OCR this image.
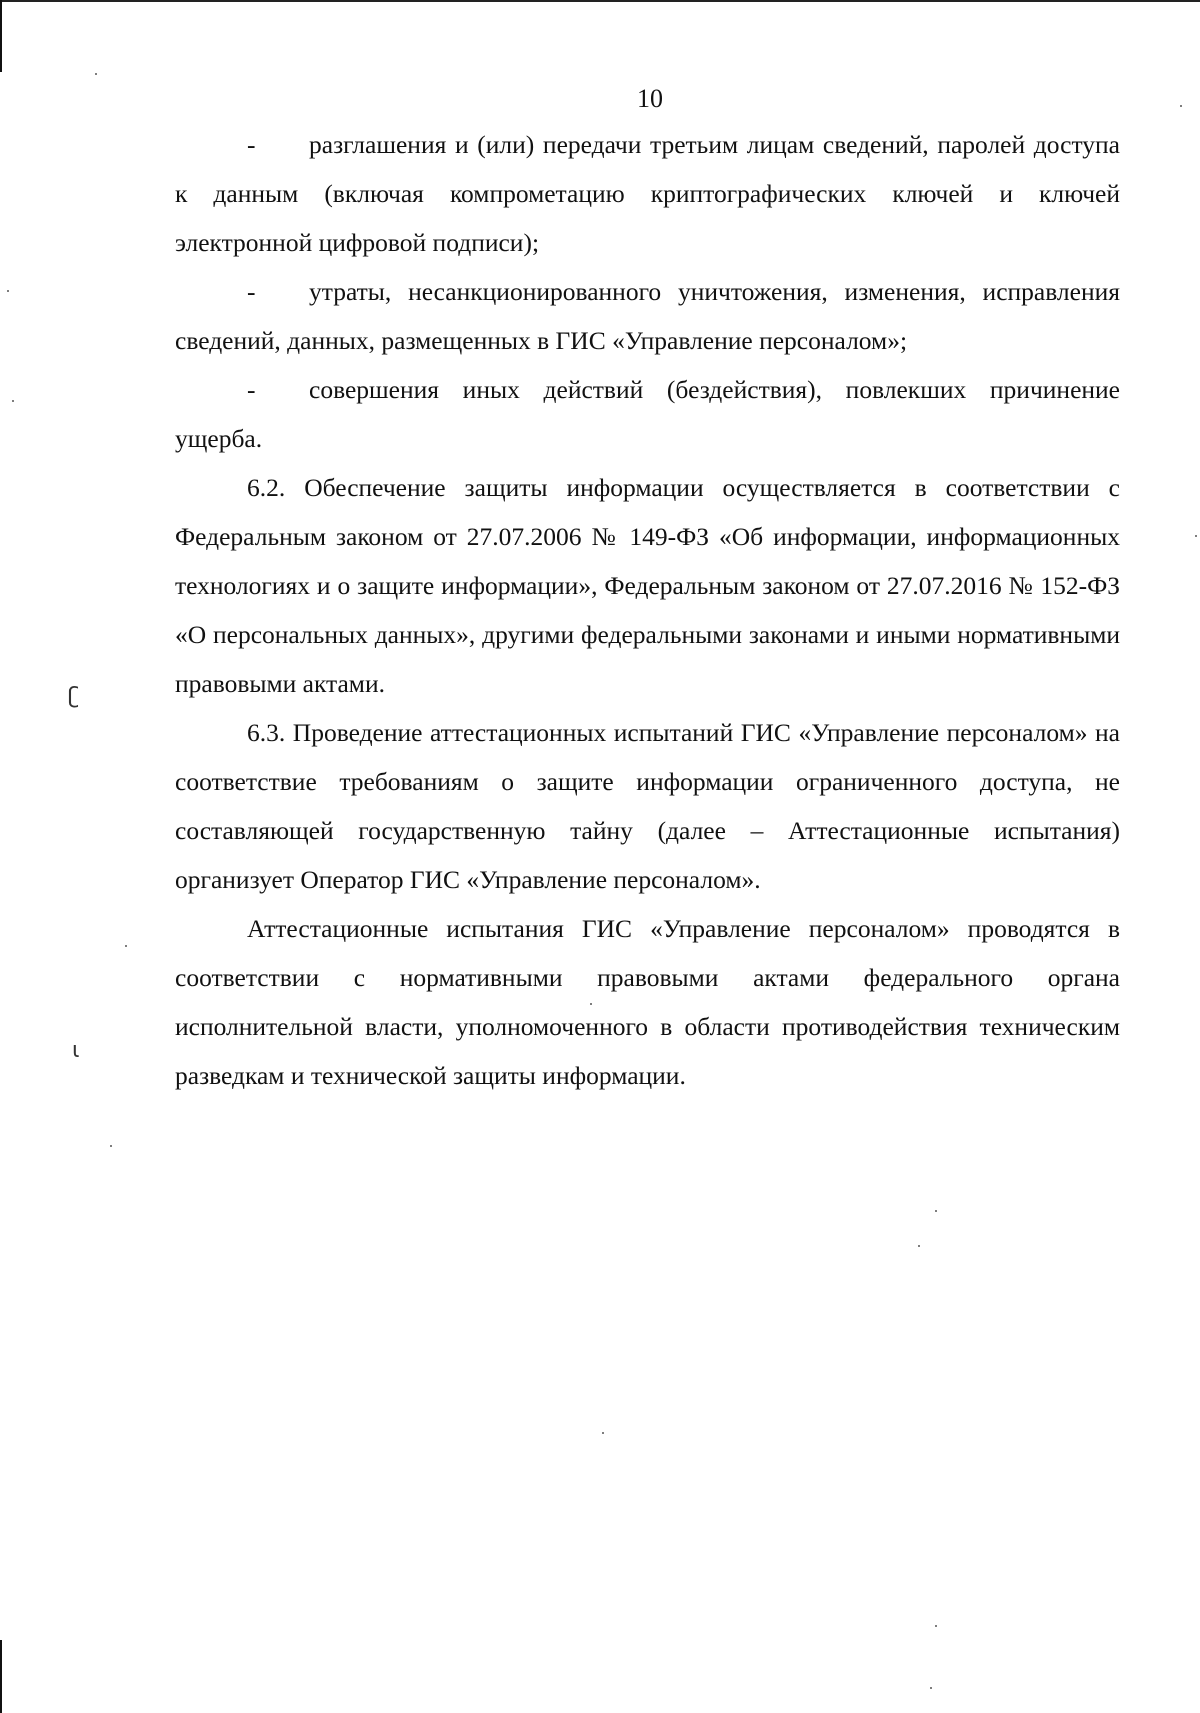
10

- разглашения и (или) передачи третьим лицам сведений, паролей доступа к данным (включая компрометацию криптографических ключей и ключей электронной цифровой подписи);

- утраты, несанкционированного уничтожения, изменения, исправления сведений, данных, размещенных в ГИС «Управление персоналом»;

- совершения иных действий (бездействия), повлекших причинение ущерба.

6.2. Обеспечение защиты информации осуществляется в соответствии с Федеральным законом от 27.07.2006 № 149-ФЗ «Об информации, информационных технологиях и о защите информации», Федеральным законом от 27.07.2016 № 152-ФЗ «О персональных данных», другими федеральными законами и иными нормативными правовыми актами.

6.3. Проведение аттестационных испытаний ГИС «Управление персоналом» на соответствие требованиям о защите информации ограниченного доступа, не составляющей государственную тайну (далее – Аттестационные испытания) организует Оператор ГИС «Управление персоналом».

Аттестационные испытания ГИС «Управление персоналом» проводятся в соответствии с нормативными правовыми актами федерального органа исполнительной власти, уполномоченного в области противодействия техническим разведкам и технической защиты информации.

ʗ
ɩ
